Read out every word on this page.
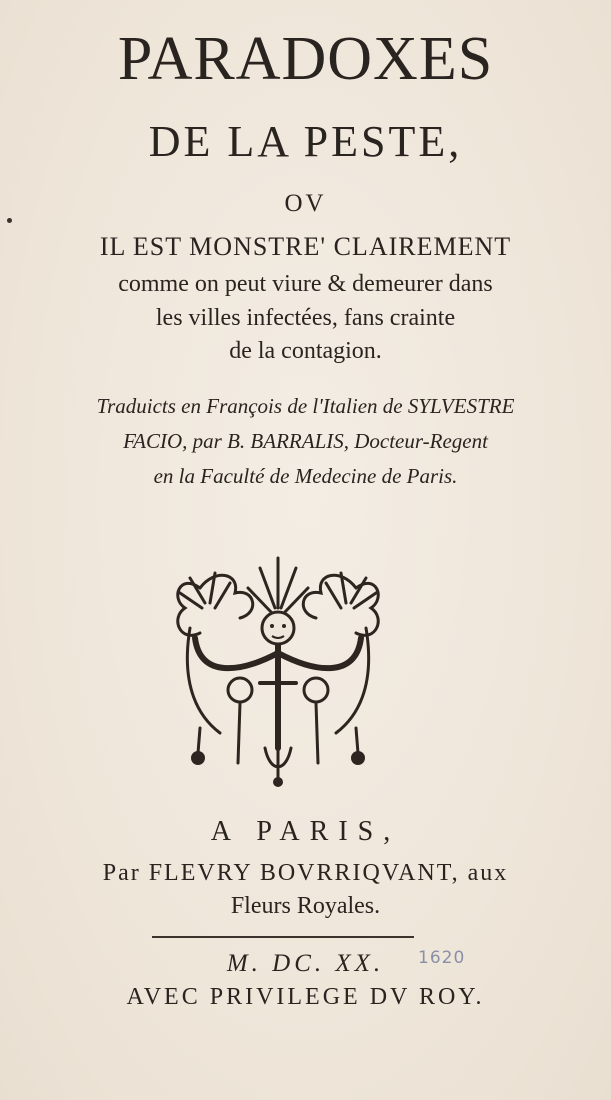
PARADOXES
DE LA PESTE,
OV
IL EST MONSTRE' CLAIREMENT
comme on peut viure & demeurer dans
les villes infectées, fans crainte
de la contagion.
Traduicts en François de l'Italien de SYLVESTRE
FACIO, par B. BARRALIS, Docteur-Regent
en la Faculté de Medecine de Paris.
A PARIS,
Par FLEVRY BOVRRIQVANT, aux
Fleurs Royales.
M. DC. XX.	1620
AVEC PRIVILEGE DV ROY.
